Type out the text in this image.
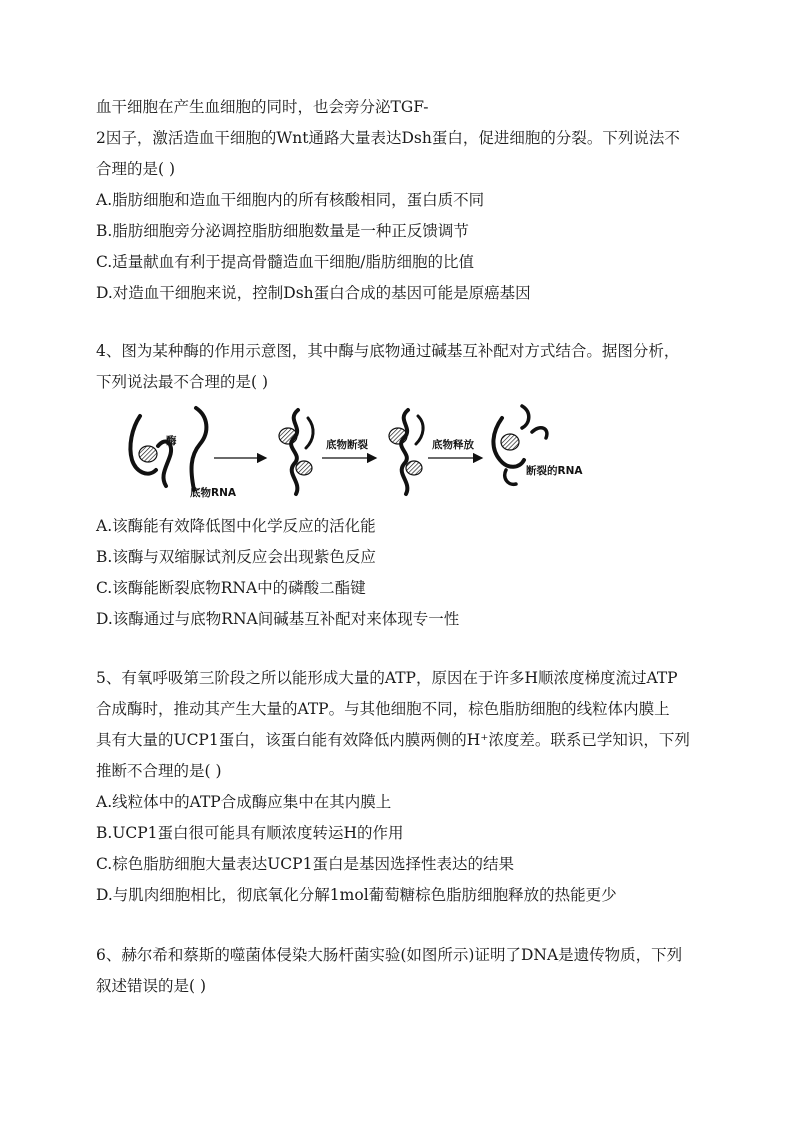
血干细胞在产生血细胞的同时，也会旁分泌TGF-
2因子，激活造血干细胞的Wnt通路大量表达Dsh蛋白，促进细胞的分裂。下列说法不
合理的是( )
A.脂肪细胞和造血干细胞内的所有核酸相同，蛋白质不同
B.脂肪细胞旁分泌调控脂肪细胞数量是一种正反馈调节
C.适量献血有利于提高骨髓造血干细胞/脂肪细胞的比值
D.对造血干细胞来说，控制Dsh蛋白合成的基因可能是原癌基因
4、图为某种酶的作用示意图，其中酶与底物通过碱基互补配对方式结合。据图分析，
下列说法最不合理的是( )
酶
底物RNA
底物断裂	底物释放
断裂的RNA
A.该酶能有效降低图中化学反应的活化能
B.该酶与双缩脲试剂反应会出现紫色反应
C.该酶能断裂底物RNA中的磷酸二酯键
D.该酶通过与底物RNA间碱基互补配对来体现专一性
5、有氧呼吸第三阶段之所以能形成大量的ATP，原因在于许多H顺浓度梯度流过ATP
合成酶时，推动其产生大量的ATP。与其他细胞不同，棕色脂肪细胞的线粒体内膜上
具有大量的UCP1蛋白，该蛋白能有效降低内膜两侧的H⁺浓度差。联系已学知识，下列
推断不合理的是( )
A.线粒体中的ATP合成酶应集中在其内膜上
B.UCP1蛋白很可能具有顺浓度转运H的作用
C.棕色脂肪细胞大量表达UCP1蛋白是基因选择性表达的结果
D.与肌肉细胞相比，彻底氧化分解1mol葡萄糖棕色脂肪细胞释放的热能更少
6、赫尔希和蔡斯的噬菌体侵染大肠杆菌实验(如图所示)证明了DNA是遗传物质，下列
叙述错误的是( )
